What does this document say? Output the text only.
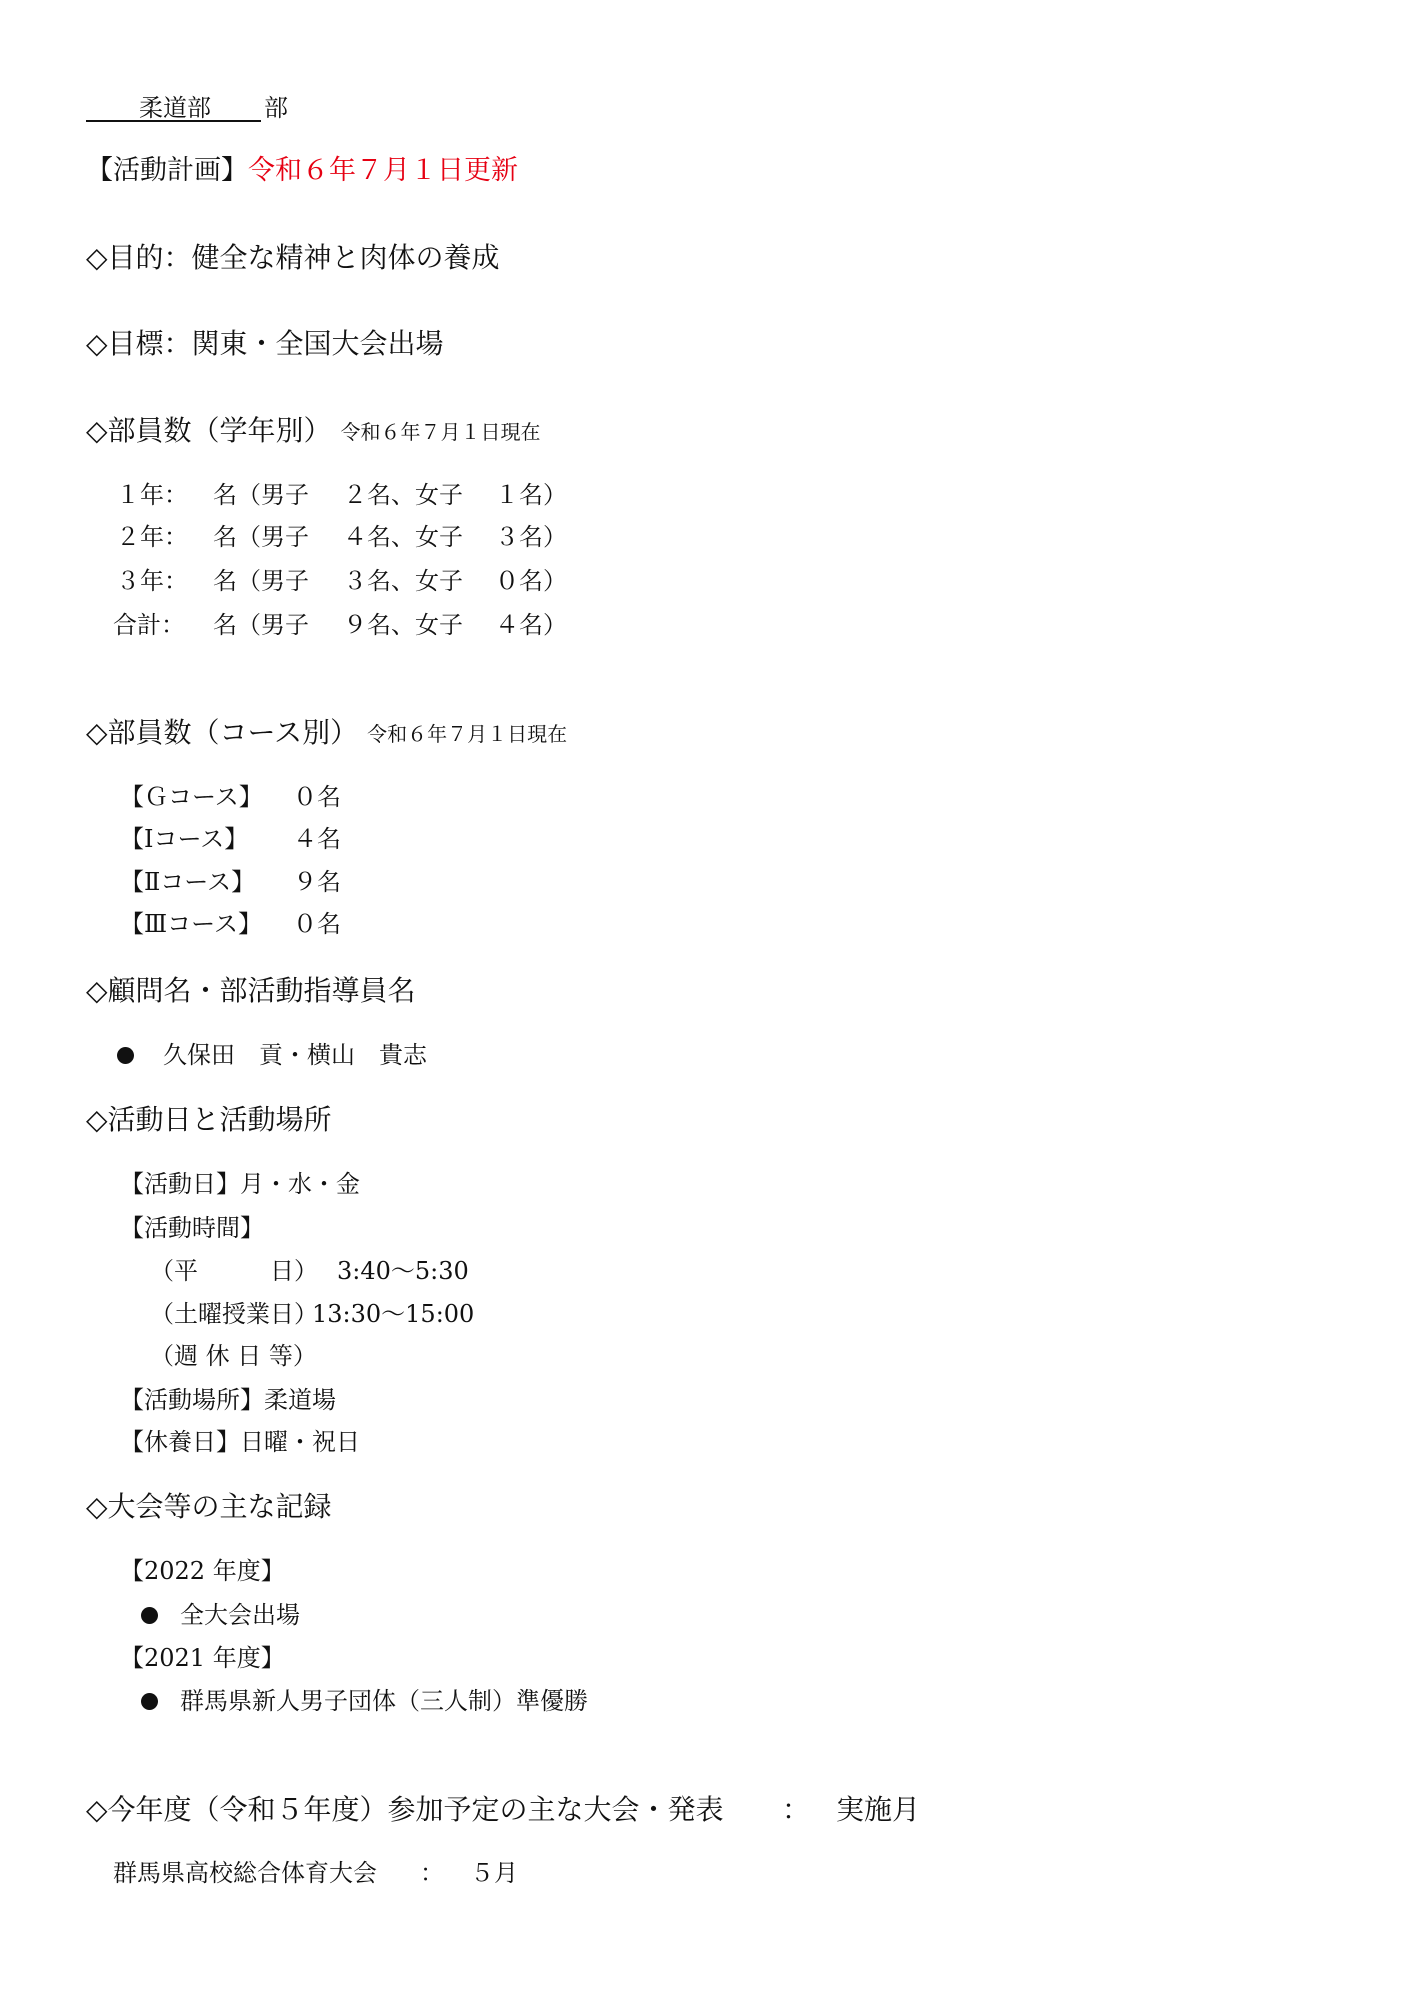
柔道部 部
【活動計画】令和６年７月１日更新
◇目的：健全な精神と肉体の養成
◇目標：関東・全国大会出場
◇部員数（学年別） 令和６年７月１日現在
１年： 名（男子 ２名、女子 １名）
２年： 名（男子 ４名、女子 ３名）
３年： 名（男子 ３名、女子 ０名）
合計： 名（男子 ９名、女子 ４名）
◇部員数（コース別） 令和６年７月１日現在
【Ｇコース】 ０名
【Ⅰコース】 ４名
【Ⅱコース】 ９名
【Ⅲコース】 ０名
◇顧問名・部活動指導員名
久保田　貢・横山　貴志
◇活動日と活動場所
【活動日】月・水・金
【活動時間】
（平　　　日） 3:40〜5:30
（土曜授業日）
13:30〜15:00
（週 休 日 等）
【活動場所】柔道場
【休養日】日曜・祝日
◇大会等の主な記録
【2022 年度】
全大会出場
【2021 年度】
群馬県新人男子団体（三人制）準優勝
◇今年度（令和５年度）参加予定の主な大会・発表 ： 実施月
群馬県高校総合体育大会 ： ５月
